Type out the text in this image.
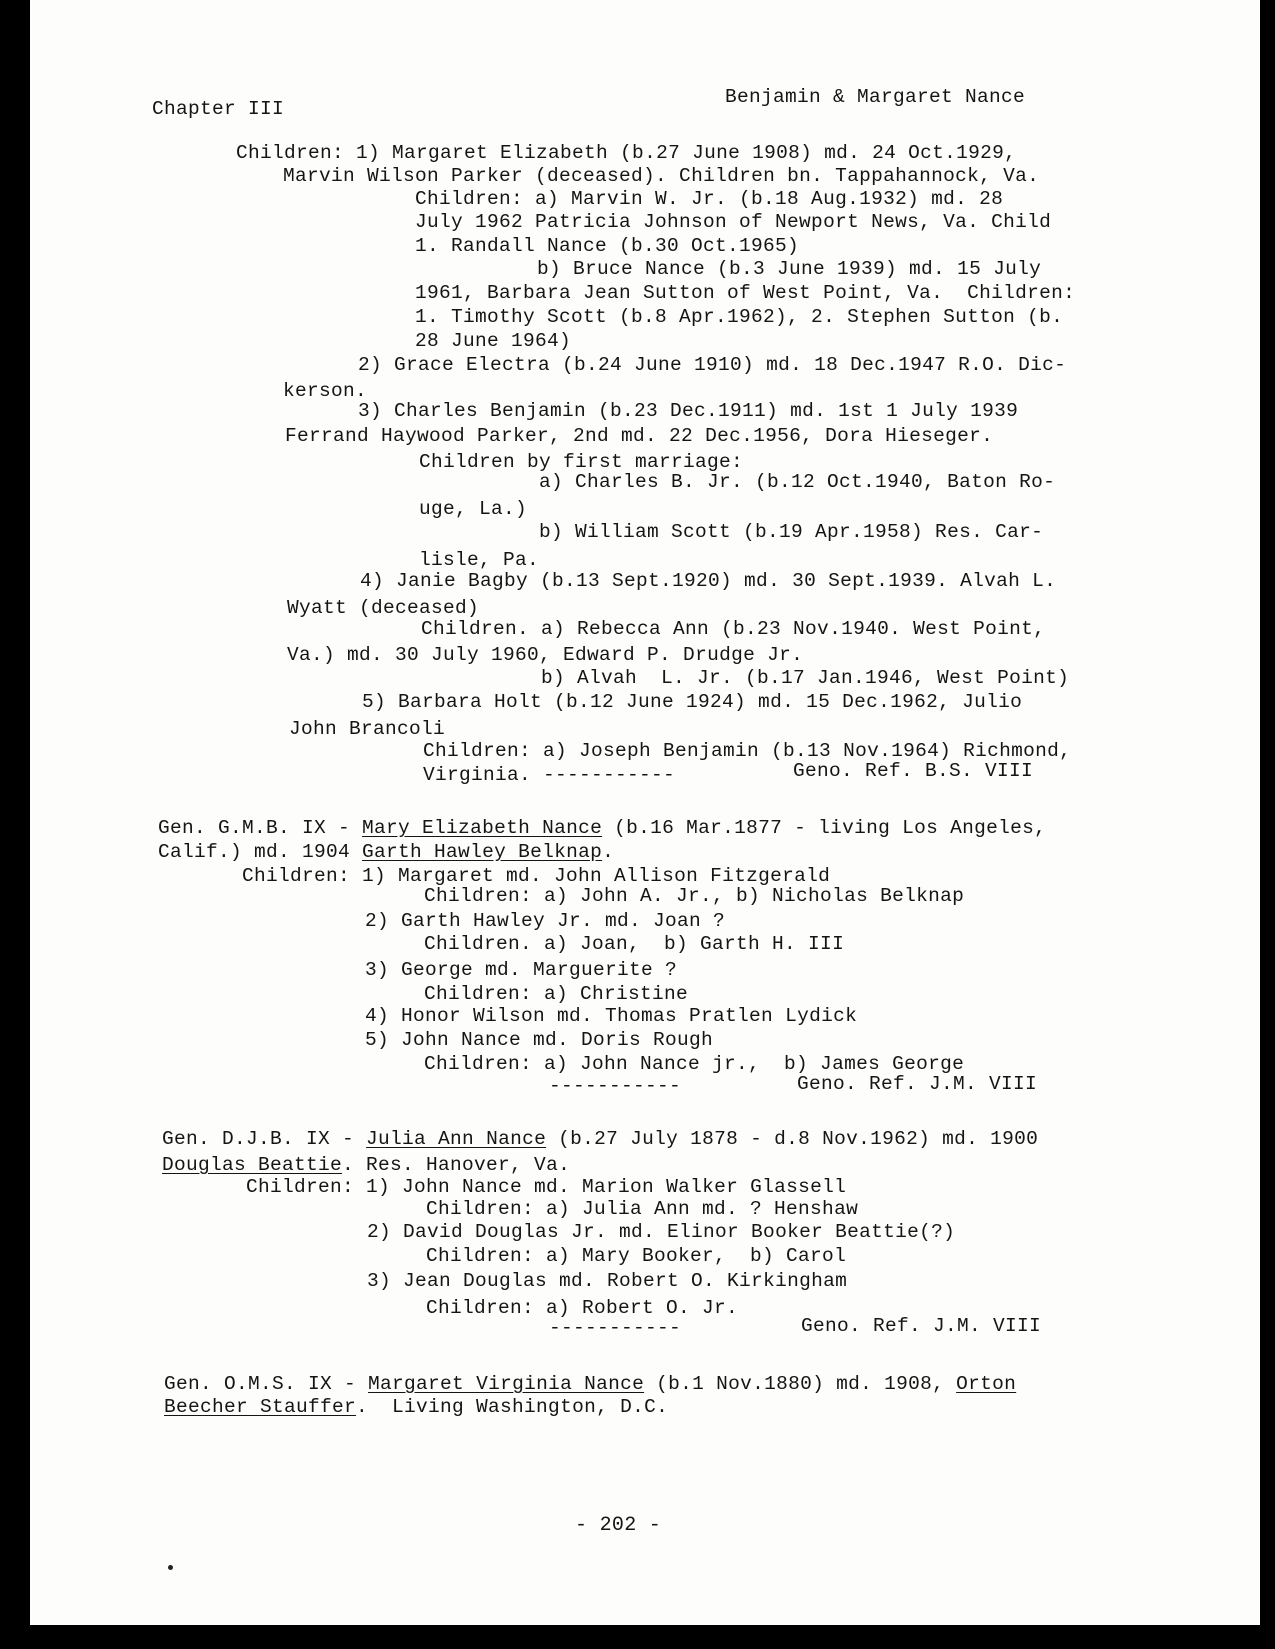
Chapter III
Benjamin & Margaret Nance
Children: 1) Margaret Elizabeth (b.27 June 1908) md. 24 Oct.1929,
Marvin Wilson Parker (deceased). Children bn. Tappahannock, Va.
Children: a) Marvin W. Jr. (b.18 Aug.1932) md. 28
July 1962 Patricia Johnson of Newport News, Va. Child
1. Randall Nance (b.30 Oct.1965)
b) Bruce Nance (b.3 June 1939) md. 15 July
1961, Barbara Jean Sutton of West Point, Va.  Children:
1. Timothy Scott (b.8 Apr.1962), 2. Stephen Sutton (b.
28 June 1964)
2) Grace Electra (b.24 June 1910) md. 18 Dec.1947 R.O. Dic-
kerson.
3) Charles Benjamin (b.23 Dec.1911) md. 1st 1 July 1939
Ferrand Haywood Parker, 2nd md. 22 Dec.1956, Dora Hieseger.
Children by first marriage:
a) Charles B. Jr. (b.12 Oct.1940, Baton Ro-
uge, La.)
b) William Scott (b.19 Apr.1958) Res. Car-
lisle, Pa.
4) Janie Bagby (b.13 Sept.1920) md. 30 Sept.1939. Alvah L.
Wyatt (deceased)
Children. a) Rebecca Ann (b.23 Nov.1940. West Point,
Va.) md. 30 July 1960, Edward P. Drudge Jr.
b) Alvah  L. Jr. (b.17 Jan.1946, West Point)
5) Barbara Holt (b.12 June 1924) md. 15 Dec.1962, Julio
John Brancoli
Children: a) Joseph Benjamin (b.13 Nov.1964) Richmond,
Virginia. -----------	Geno. Ref. B.S. VIII
Gen. G.M.B. IX - Mary Elizabeth Nance (b.16 Mar.1877 - living Los Angeles,
Calif.) md. 1904 Garth Hawley Belknap.
Children: 1) Margaret md. John Allison Fitzgerald
Children: a) John A. Jr., b) Nicholas Belknap
2) Garth Hawley Jr. md. Joan ?
Children. a) Joan,  b) Garth H. III
3) George md. Marguerite ?
Children: a) Christine
4) Honor Wilson md. Thomas Pratlen Lydick
5) John Nance md. Doris Rough
Children: a) John Nance jr.,  b) James George
-----------	Geno. Ref. J.M. VIII
Gen. D.J.B. IX - Julia Ann Nance (b.27 July 1878 - d.8 Nov.1962) md. 1900
Douglas Beattie. Res. Hanover, Va.
Children: 1) John Nance md. Marion Walker Glassell
Children: a) Julia Ann md. ? Henshaw
2) David Douglas Jr. md. Elinor Booker Beattie(?)
Children: a) Mary Booker,  b) Carol
3) Jean Douglas md. Robert O. Kirkingham
Children: a) Robert O. Jr.
-----------	Geno. Ref. J.M. VIII
Gen. O.M.S. IX - Margaret Virginia Nance (b.1 Nov.1880) md. 1908, Orton
Beecher Stauffer.  Living Washington, D.C.
- 202 -
